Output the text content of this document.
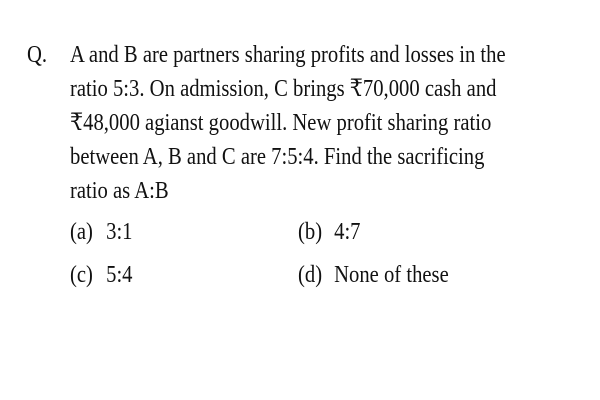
Q. A and B are partners sharing profits and losses in the
ratio 5:3. On admission, C brings ₹70,000 cash and
₹48,000 agianst goodwill. New profit sharing ratio
between A, B and C are 7:5:4. Find the sacrificing
ratio as A:B
(a) 3:1	(b) 4:7
(c) 5:4	(d) None of these
